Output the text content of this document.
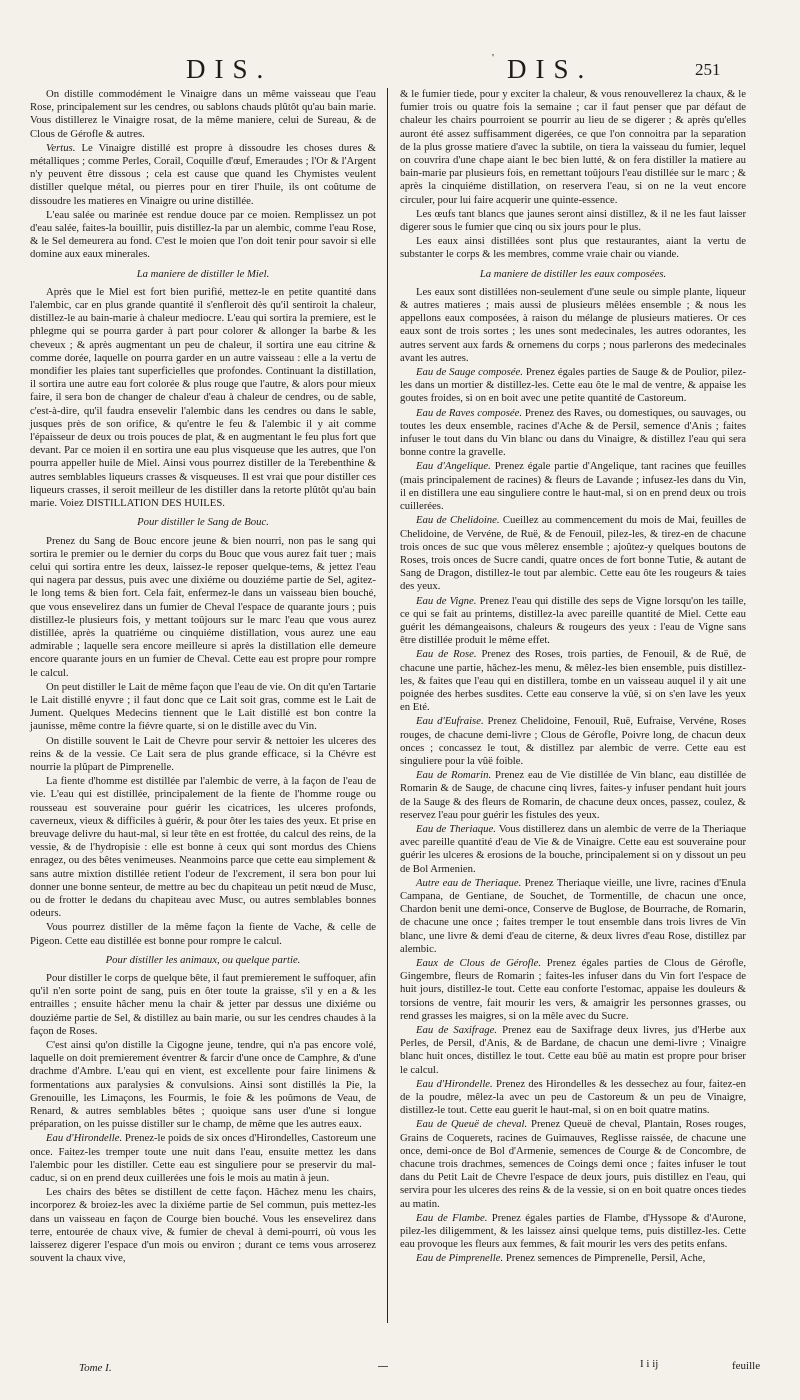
DIS.	' DIS.	251

On distille commodément le Vinaigre dans un même vaisseau que l'eau Rose, principalement sur les cendres, ou sablons chauds plûtôt qu'au bain marie. Vous distillerez le Vinaigre rosat, de la même maniere, celui de Sureau, & de Clous de Gérofle & autres.

Vertus. Le Vinaigre distillé est propre à dissoudre les choses dures & métalliques ; comme Perles, Corail, Coquille d'œuf, Emeraudes ; l'Or & l'Argent n'y peuvent être dissous ; cela est cause que quand les Chymistes veulent distiller quelque métal, ou pierres pour en tirer l'huile, ils ont coûtume de dissoudre les matieres en Vinaigre ou urine distillée.

L'eau salée ou marinée est rendue douce par ce moien. Remplissez un pot d'eau salée, faites-la bouillir, puis distillez-la par un alembic, comme l'eau Rose, & le Sel demeurera au fond. C'est le moien que l'on doit tenir pour savoir si elle domine aux eaux minerales.

La maniere de distiller le Miel.

Après que le Miel est fort bien purifié, mettez-le en petite quantité dans l'alembic, car en plus grande quantité il s'enfleroit dès qu'il sentiroit la chaleur, distillez-le au bain-marie à chaleur mediocre. L'eau qui sortira la premiere, est le phlegme qui se pourra garder à part pour colorer & allonger la barbe & les cheveux ; & après augmentant un peu de chaleur, il sortira une eau citrine & comme dorée, laquelle on pourra garder en un autre vaisseau : elle a la vertu de mondifier les plaies tant superficielles que profondes. Continuant la distillation, il sortira une autre eau fort colorée & plus rouge que l'autre, & alors pour mieux faire, il sera bon de changer de chaleur d'eau à chaleur de cendres, ou de sable, c'est-à-dire, qu'il faudra ensevelir l'alembic dans les cendres ou dans le sable, jusques près de son orifice, & qu'entre le feu & l'alembic il y ait comme l'épaisseur de deux ou trois pouces de plat, & en augmentant le feu plus fort que devant. Par ce moien il en sortira une eau plus visqueuse que les autres, que l'on pourra appeller huile de Miel. Ainsi vous pourrez distiller de la Terebenthine & autres semblables liqueurs crasses & visqueuses. Il est vrai que pour distiller ces liqueurs crasses, il seroit meilleur de les distiller dans la retorte plûtôt qu'au bain marie. Voiez DISTILLATION DES HUILES.

Pour distiller le Sang de Bouc.

Prenez du Sang de Bouc encore jeune & bien nourri, non pas le sang qui sortira le premier ou le dernier du corps du Bouc que vous aurez fait tuer ; mais celui qui sortira entre les deux, laissez-le reposer quelque-tems, & jettez l'eau qui nagera par dessus, puis avec une dixiéme ou douziéme partie de Sel, agitez-le long tems & bien fort. Cela fait, enfermez-le dans un vaisseau bien bouché, que vous ensevelirez dans un fumier de Cheval l'espace de quarante jours ; puis distillez-le plusieurs fois, y mettant toûjours sur le marc l'eau que vous aurez distillée, après la quatriéme ou cinquiéme distillation, vous aurez une eau admirable ; laquelle sera encore meilleure si après la distillation elle demeure encore quarante jours en un fumier de Cheval. Cette eau est propre pour rompre le calcul.

On peut distiller le Lait de même façon que l'eau de vie. On dit qu'en Tartarie le Lait distillé enyvre ; il faut donc que ce Lait soit gras, comme est le Lait de Jument. Quelques Medecins tiennent que le Lait distillé est bon contre la jaunisse, même contre la fiévre quarte, si on le distille avec du Vin.

On distille souvent le Lait de Chevre pour servir & nettoier les ulceres des reins & de la vessie. Ce Lait sera de plus grande efficace, si la Chévre est nourrie la plûpart de Pimprenelle.

La fiente d'homme est distillée par l'alembic de verre, à la façon de l'eau de vie. L'eau qui est distillée, principalement de la fiente de l'homme rouge ou rousseau est souveraine pour guérir les cicatrices, les ulceres profonds, caverneux, vieux & difficiles à guérir, & pour ôter les taies des yeux. Et prise en breuvage delivre du haut-mal, si leur tête en est frottée, du calcul des reins, de la vessie, & de l'hydropisie : elle est bonne à ceux qui sont mordus des Chiens enragez, ou des bêtes venimeuses. Neanmoins parce que cette eau simplement & sans autre mixtion distillée retient l'odeur de l'excrement, il sera bon pour lui donner une bonne senteur, de mettre au bec du chapiteau un petit nœud de Musc, ou de frotter le dedans du chapiteau avec Musc, ou autres semblables bonnes odeurs.

Vous pourrez distiller de la même façon la fiente de Vache, & celle de Pigeon. Cette eau distillée est bonne pour rompre le calcul.

Pour distiller les animaux, ou quelque partie.

Pour distiller le corps de quelque bête, il faut premierement le suffoquer, afin qu'il n'en sorte point de sang, puis en ôter toute la graisse, s'il y en a & les entrailles ; ensuite hâcher menu la chair & jetter par dessus une dixiéme ou douziéme partie de Sel, & distillez au bain marie, ou sur les cendres chaudes à la façon de Roses.

C'est ainsi qu'on distille la Cigogne jeune, tendre, qui n'a pas encore volé, laquelle on doit premierement éventrer & farcir d'une once de Camphre, & d'une drachme d'Ambre. L'eau qui en vient, est excellente pour faire linimens & formentations aux paralysies & convulsions. Ainsi sont distillés la Pie, la Grenouille, les Limaçons, les Fourmis, le foie & les poûmons de Veau, de Renard, & autres semblables bêtes ; quoique sans user d'une si longue préparation, on les puisse distiller sur le champ, de même que les autres eaux.

Eau d'Hirondelle. Prenez-le poids de six onces d'Hirondelles, Castoreum une once. Faitez-les tremper toute une nuit dans l'eau, ensuite mettez les dans l'alembic pour les distiller. Cette eau est singuliere pour se preservir du mal-caduc, si on en prend deux cuillerées une fois le mois au matin à jeun.

Les chairs des bêtes se distillent de cette façon. Hâchez menu les chairs, incorporez & broiez-les avec la dixiéme partie de Sel commun, puis mettez-les dans un vaisseau en façon de Courge bien bouché. Vous les ensevelirez dans terre, entourée de chaux vive, & fumier de cheval à demi-pourri, où vous les laisserez digerer l'espace d'un mois ou environ ; durant ce tems vous arroserez souvent la chaux vive,

& le fumier tiede, pour y exciter la chaleur, & vous renouvellerez la chaux, & le fumier trois ou quatre fois la semaine ; car il faut penser que par défaut de chaleur les chairs pourroient se pourrir au lieu de se digerer ; & après qu'elles auront été assez suffisamment digerées, ce que l'on connoitra par la separation de la plus grosse matiere d'avec la subtile, on tiera la vaisseau du fumier, lequel on couvrira d'une chape aiant le bec bien lutté, & on fera distiller la matiere au bain-marie par plusieurs fois, en remettant toûjours l'eau distillée sur le marc ; & après la cinquiéme distillation, on reservera l'eau, si on ne la veut encore circuler, pour lui faire acquerir une quinte-essence.

Les œufs tant blancs que jaunes seront ainsi distillez, & il ne les faut laisser digerer sous le fumier que cinq ou six jours pour le plus.

Les eaux ainsi distillées sont plus que restaurantes, aiant la vertu de substanter le corps & les membres, comme vraie chair ou viande.

La maniere de distiller les eaux composées.

Les eaux sont distillées non-seulement d'une seule ou simple plante, liqueur & autres matieres ; mais aussi de plusieurs mêlées ensemble ; & nous les appellons eaux composées, à raison du mélange de plusieurs matieres. Or ces eaux sont de trois sortes ; les unes sont medecinales, les autres odorantes, les autres servent aux fards & ornemens du corps ; nous parlerons des medecinales avant les autres.

Eau de Sauge composée. Prenez égales parties de Sauge & de Poulior, pilez-les dans un mortier & distillez-les. Cette eau ôte le mal de ventre, & appaise les goutes froides, si on en boit avec une petite quantité de Castoreum.

Eau de Raves composée. Prenez des Raves, ou domestiques, ou sauvages, ou toutes les deux ensemble, racines d'Ache & de Persil, semence d'Anis ; faites infuser le tout dans du Vin blanc ou dans du Vinaigre, & distillez l'eau qui sera bonne contre la gravelle.

Eau d'Angelique. Prenez égale partie d'Angelique, tant racines que feuilles (mais principalement de racines) & fleurs de Lavande ; infusez-les dans du Vin, il en distillera une eau singuliere contre le haut-mal, si on en prend deux ou trois cuillerées.

Eau de Chelidoine. Cueillez au commencement du mois de Mai, feuilles de Chelidoine, de Vervéne, de Ruë, & de Fenouil, pilez-les, & tirez-en de chacune trois onces de suc que vous mêlerez ensemble ; ajoûtez-y quelques boutons de Roses, trois onces de Sucre candi, quatre onces de fort bonne Tutie, & autant de Sang de Dragon, distillez-le tout par alembic. Cette eau ôte les rougeurs & taies des yeux.

Eau de Vigne. Prenez l'eau qui distille des seps de Vigne lorsqu'on les taille, ce qui se fait au printems, distillez-la avec pareille quantité de Miel. Cette eau guérit les démangeaisons, chaleurs & rougeurs des yeux : l'eau de Vigne sans être distillée produit le même effet.

Eau de Rose. Prenez des Roses, trois parties, de Fenouil, & de Ruë, de chacune une partie, hâchez-les menu, & mêlez-les bien ensemble, puis distillez-les, & faites que l'eau qui en distillera, tombe en un vaisseau auquel il y ait une poignée des herbes susdites. Cette eau conserve la vûë, si on s'en lave les yeux en Eté.

Eau d'Eufraise. Prenez Chelidoine, Fenouil, Ruë, Eufraise, Vervéne, Roses rouges, de chacune demi-livre ; Clous de Gérofle, Poivre long, de chacun deux onces ; concassez le tout, & distillez par alembic de verre. Cette eau est singuliere pour la vûë foible.

Eau de Romarin. Prenez eau de Vie distillée de Vin blanc, eau distillée de Romarin & de Sauge, de chacune cinq livres, faites-y infuser pendant huit jours de la Sauge & des fleurs de Romarin, de chacune deux onces, passez, coulez, & reservez l'eau pour guérir les fistules des yeux.

Eau de Theriaque. Vous distillerez dans un alembic de verre de la Theriaque avec pareille quantité d'eau de Vie & de Vinaigre. Cette eau est souveraine pour guérir les ulceres & erosions de la bouche, principalement si on y dissout un peu de Bol Armenien.

Autre eau de Theriaque. Prenez Theriaque vieille, une livre, racines d'Enula Campana, de Gentiane, de Souchet, de Tormentille, de chacun une once, Chardon benit une demi-once, Conserve de Buglose, de Bourrache, de Romarin, de chacune une once ; faites tremper le tout ensemble dans trois livres de Vin blanc, une livre & demi d'eau de citerne, & deux livres d'eau Rose, distillez par alembic.

Eaux de Clous de Gérofle. Prenez égales parties de Clous de Gérofle, Gingembre, fleurs de Romarin ; faites-les infuser dans du Vin fort l'espace de huit jours, distillez-le tout. Cette eau conforte l'estomac, appaise les douleurs & torsions de ventre, fait mourir les vers, & amaigrir les personnes grasses, ou rend grasses les maigres, si on la mêle avec du Sucre.

Eau de Saxifrage. Prenez eau de Saxifrage deux livres, jus d'Herbe aux Perles, de Persil, d'Anis, & de Bardane, de chacun une demi-livre ; Vinaigre blanc huit onces, distillez le tout. Cette eau bûë au matin est propre pour briser le calcul.

Eau d'Hirondelle. Prenez des Hirondelles & les dessechez au four, faitez-en de la poudre, mêlez-la avec un peu de Castoreum & un peu de Vinaigre, distillez-le tout. Cette eau guerit le haut-mal, si on en boit quatre matins.

Eau de Queuë de cheval. Prenez Queuë de cheval, Plantain, Roses rouges, Grains de Coquerets, racines de Guimauves, Reglisse raissée, de chacune une once, demi-once de Bol d'Armenie, semences de Courge & de Concombre, de chacune trois drachmes, semences de Coings demi once ; faites infuser le tout dans du Petit Lait de Chevre l'espace de deux jours, puis distillez en l'eau, qui servira pour les ulceres des reins & de la vessie, si on en boit quatre onces tiedes au matin.

Eau de Flambe. Prenez égales parties de Flambe, d'Hyssope & d'Aurone, pilez-les diligemment, & les laissez ainsi quelque tems, puis distillez-les. Cette eau provoque les fleurs aux femmes, & fait mourir les vers des petits enfans.

Eau de Pimprenelle. Prenez semences de Pimprenelle, Persil, Ache,

Tome I.	I i ij	feuille
